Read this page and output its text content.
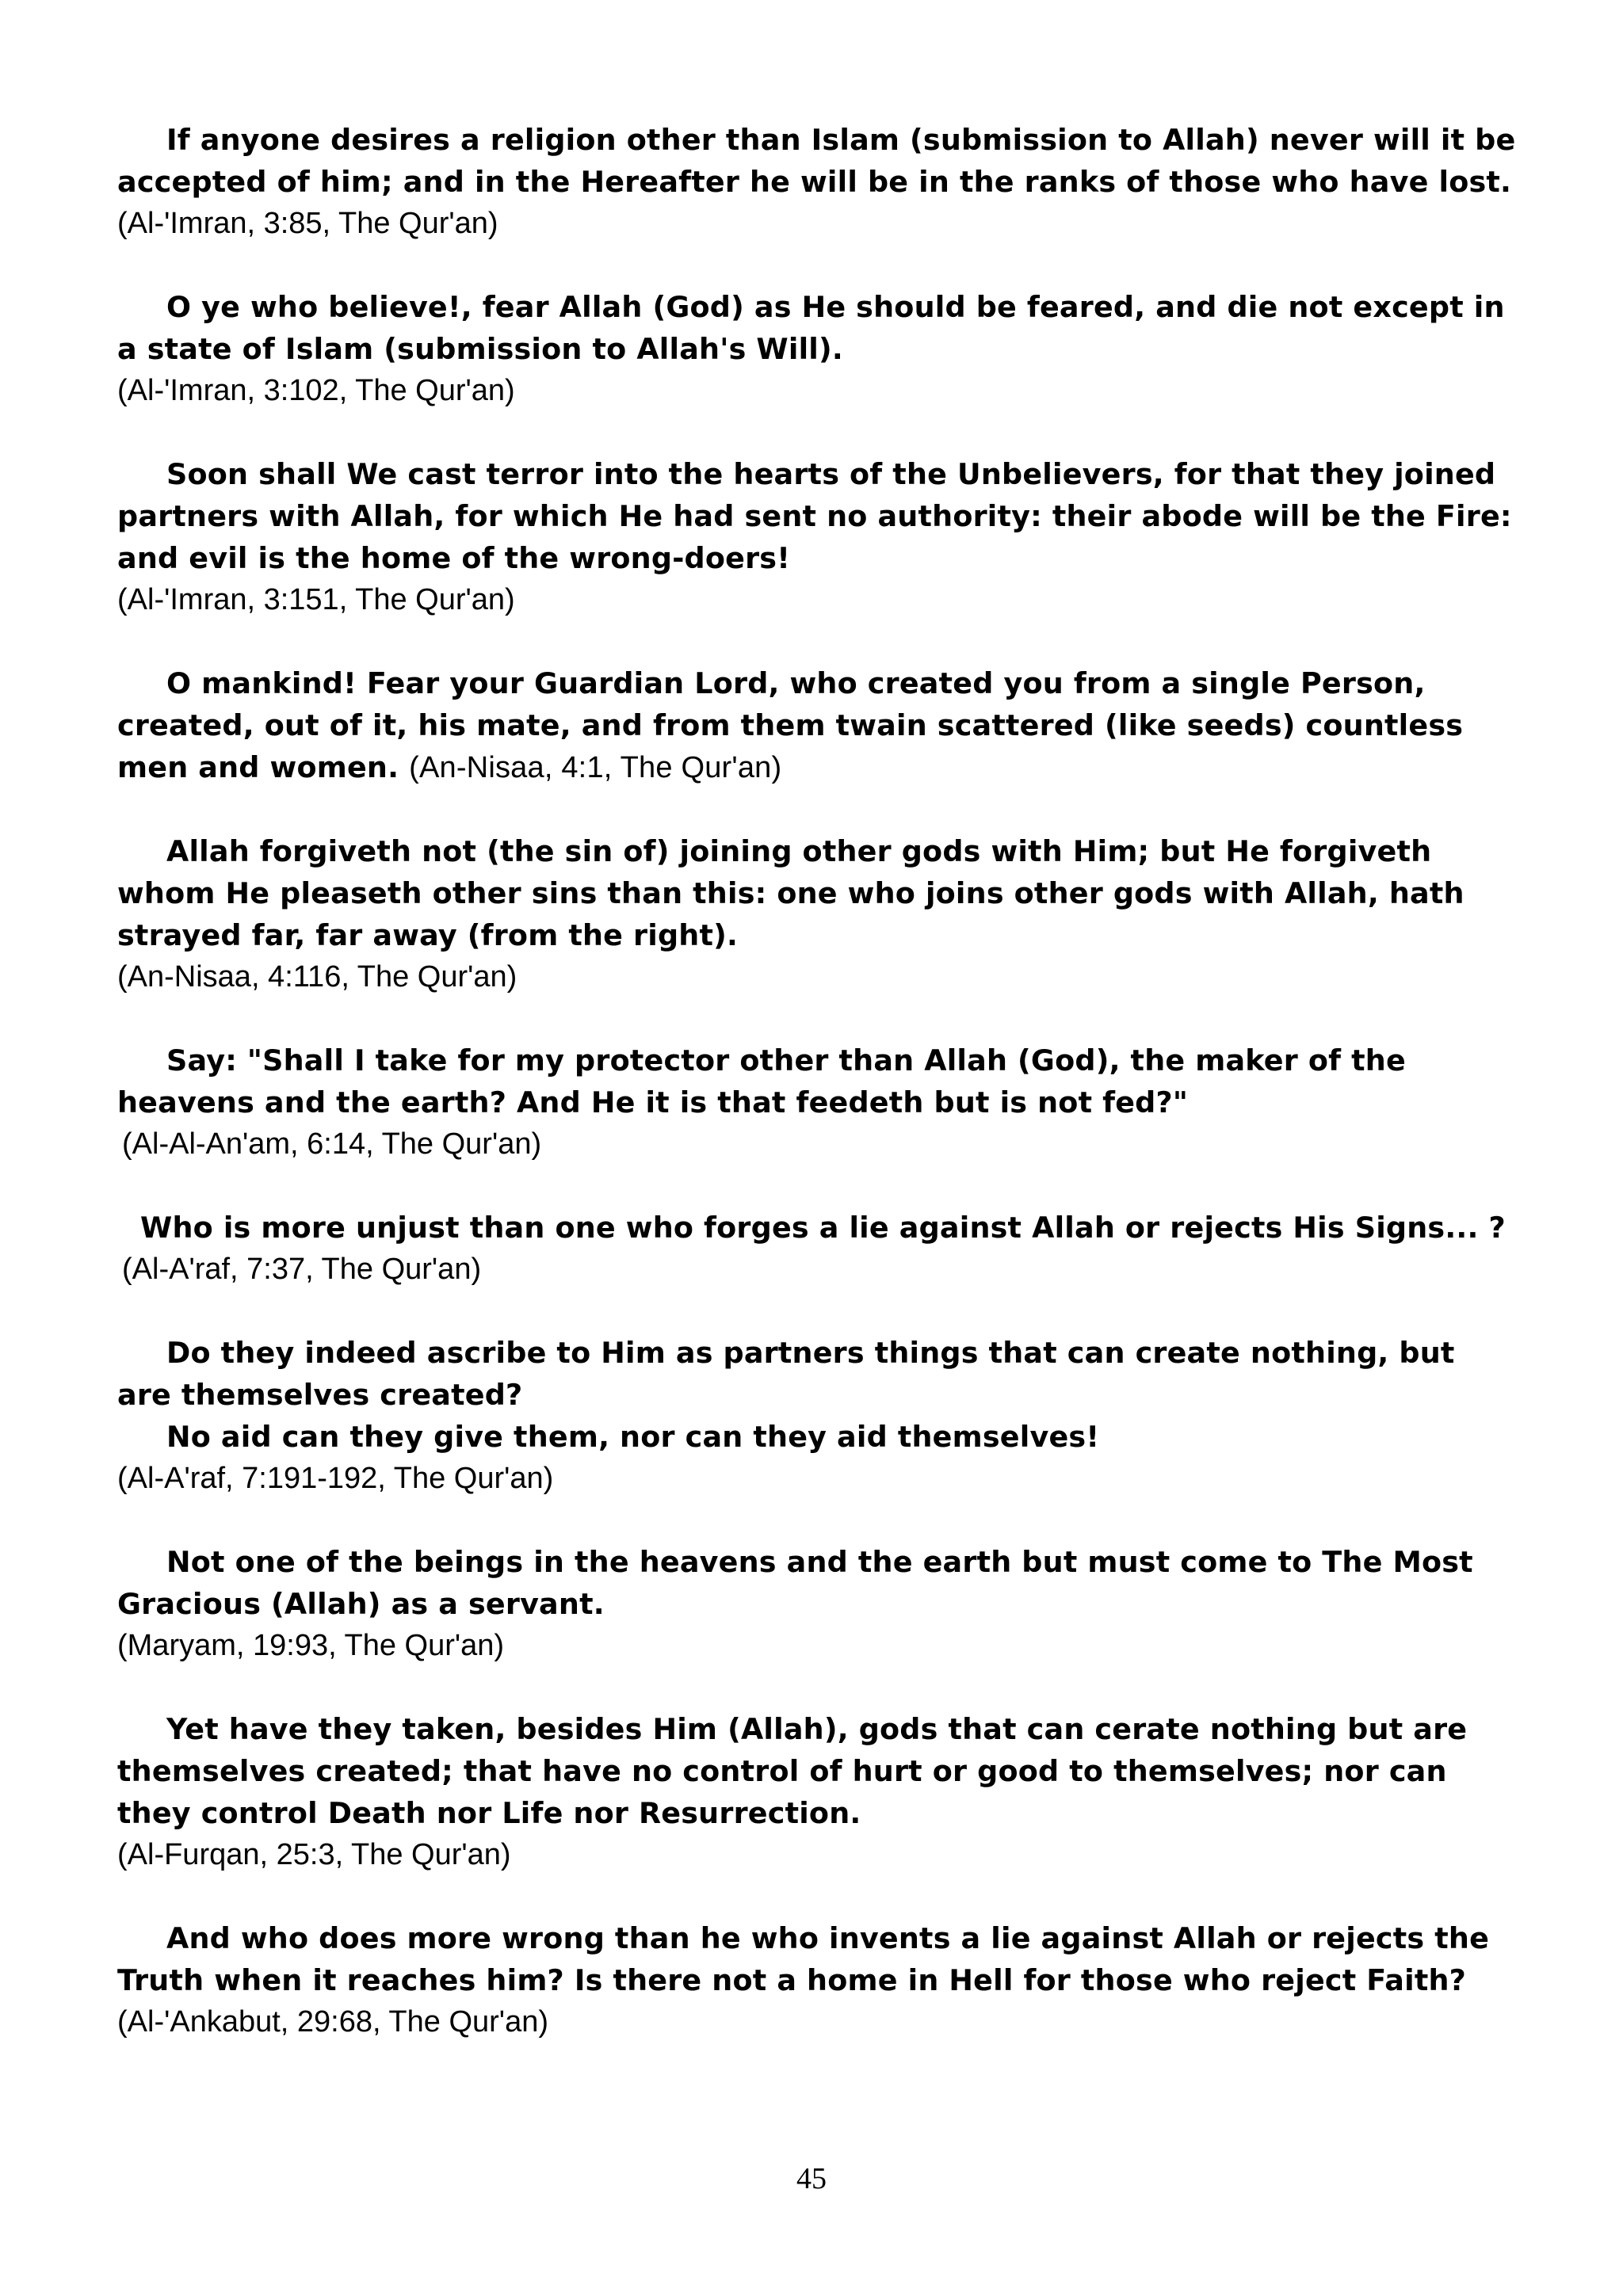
If anyone desires a religion other than Islam (submission to Allah) never will it be
accepted of him; and in the Hereafter he will be in the ranks of those who have lost.
(Al-'Imran, 3:85, The Qur'an)
O ye who believe!, fear Allah (God) as He should be feared, and die not except in
a state of Islam (submission to Allah's Will).
(Al-'Imran, 3:102, The Qur'an)
Soon shall We cast terror into the hearts of the Unbelievers, for that they joined
partners with Allah, for which He had sent no authority: their abode will be the Fire:
and evil is the home of the wrong-doers!
(Al-'Imran, 3:151, The Qur'an)
O mankind! Fear your Guardian Lord, who created you from a single Person,
created, out of it, his mate, and from them twain scattered (like seeds) countless
men and women. (An-Nisaa, 4:1, The Qur'an)
Allah forgiveth not (the sin of) joining other gods with Him; but He forgiveth
whom He pleaseth other sins than this: one who joins other gods with Allah, hath
strayed far, far away (from the right).
(An-Nisaa, 4:116, The Qur'an)
Say: "Shall I take for my protector other than Allah (God), the maker of the
heavens and the earth? And He it is that feedeth but is not fed?"
(Al-Al-An'am, 6:14, The Qur'an)
Who is more unjust than one who forges a lie against Allah or rejects His Signs... ?
(Al-A'raf, 7:37, The Qur'an)
Do they indeed ascribe to Him as partners things that can create nothing, but
are themselves created?
No aid can they give them, nor can they aid themselves!
(Al-A'raf, 7:191-192, The Qur'an)
Not one of the beings in the heavens and the earth but must come to The Most
Gracious (Allah) as a servant.
(Maryam, 19:93, The Qur'an)
Yet have they taken, besides Him (Allah), gods that can cerate nothing but are
themselves created; that have no control of hurt or good to themselves; nor can
they control Death nor Life nor Resurrection.
(Al-Furqan, 25:3, The Qur'an)
And who does more wrong than he who invents a lie against Allah or rejects the
Truth when it reaches him? Is there not a home in Hell for those who reject Faith?
(Al-'Ankabut, 29:68, The Qur'an)
45
